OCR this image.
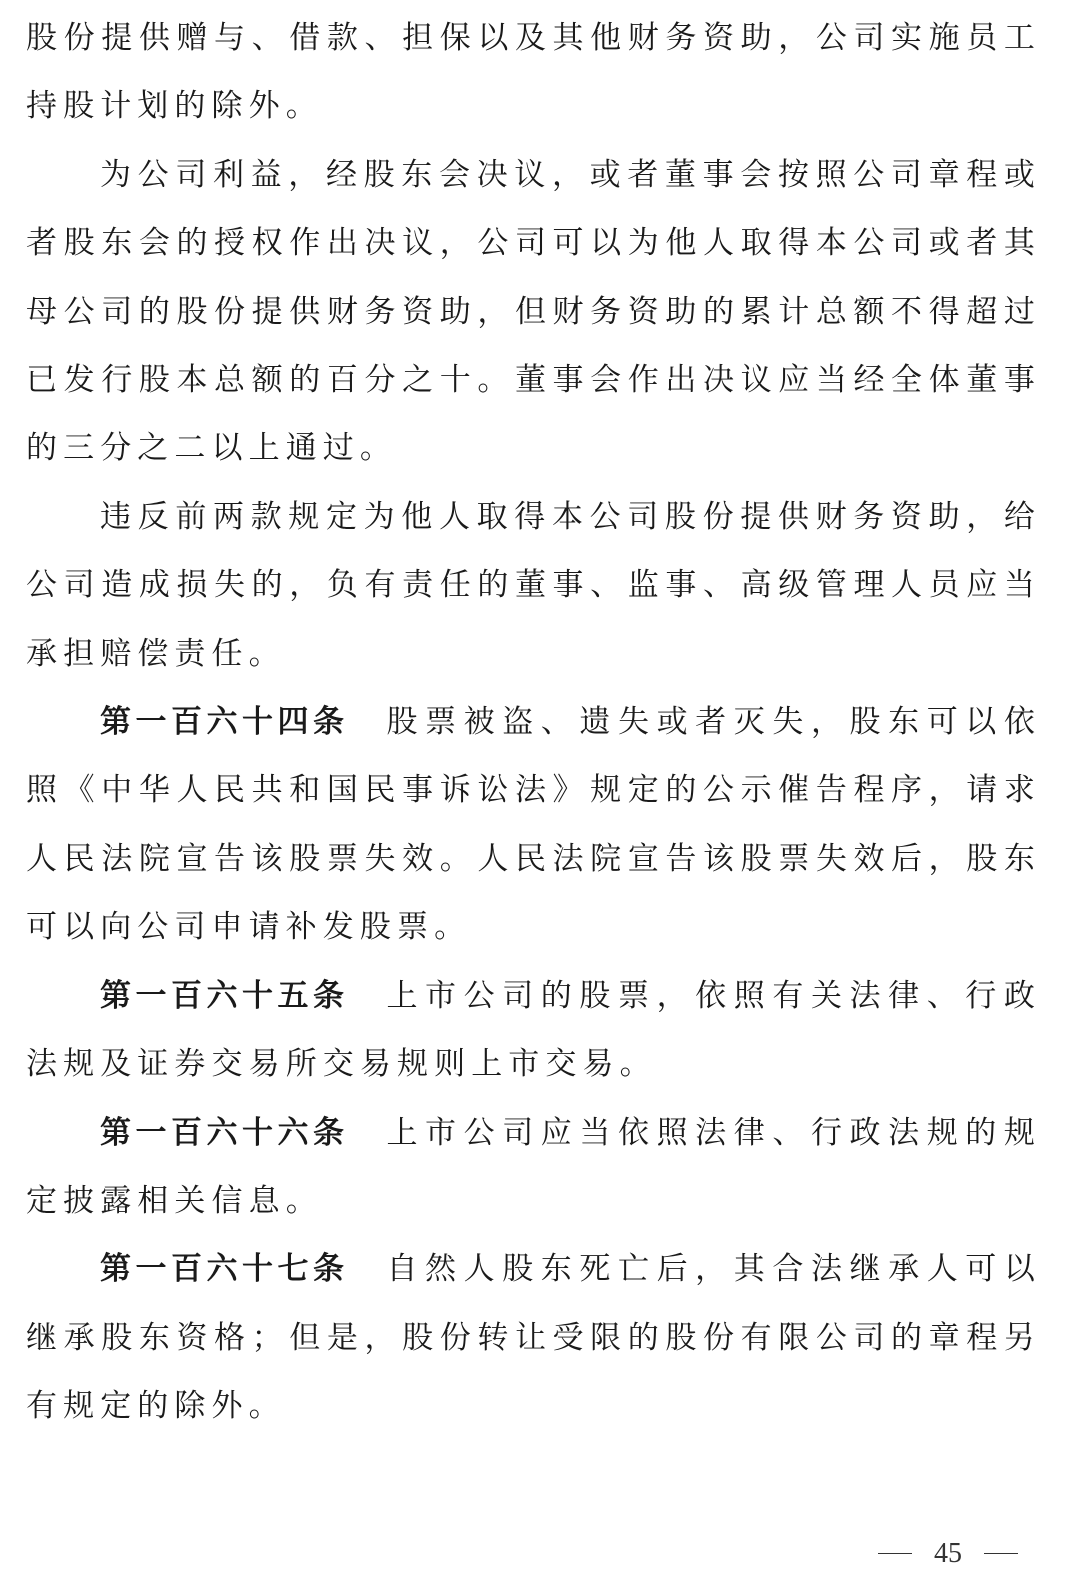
股份提供赠与、借款、担保以及其他财务资助，公司实施员工持股计划的除外。

为公司利益，经股东会决议，或者董事会按照公司章程或者股东会的授权作出决议，公司可以为他人取得本公司或者其母公司的股份提供财务资助，但财务资助的累计总额不得超过已发行股本总额的百分之十。董事会作出决议应当经全体董事的三分之二以上通过。

违反前两款规定为他人取得本公司股份提供财务资助，给公司造成损失的，负有责任的董事、监事、高级管理人员应当承担赔偿责任。

第一百六十四条 股票被盗、遗失或者灭失，股东可以依照《中华人民共和国民事诉讼法》规定的公示催告程序，请求人民法院宣告该股票失效。人民法院宣告该股票失效后，股东可以向公司申请补发股票。

第一百六十五条 上市公司的股票，依照有关法律、行政法规及证券交易所交易规则上市交易。

第一百六十六条 上市公司应当依照法律、行政法规的规定披露相关信息。

第一百六十七条 自然人股东死亡后，其合法继承人可以继承股东资格；但是，股份转让受限的股份有限公司的章程另有规定的除外。

45
